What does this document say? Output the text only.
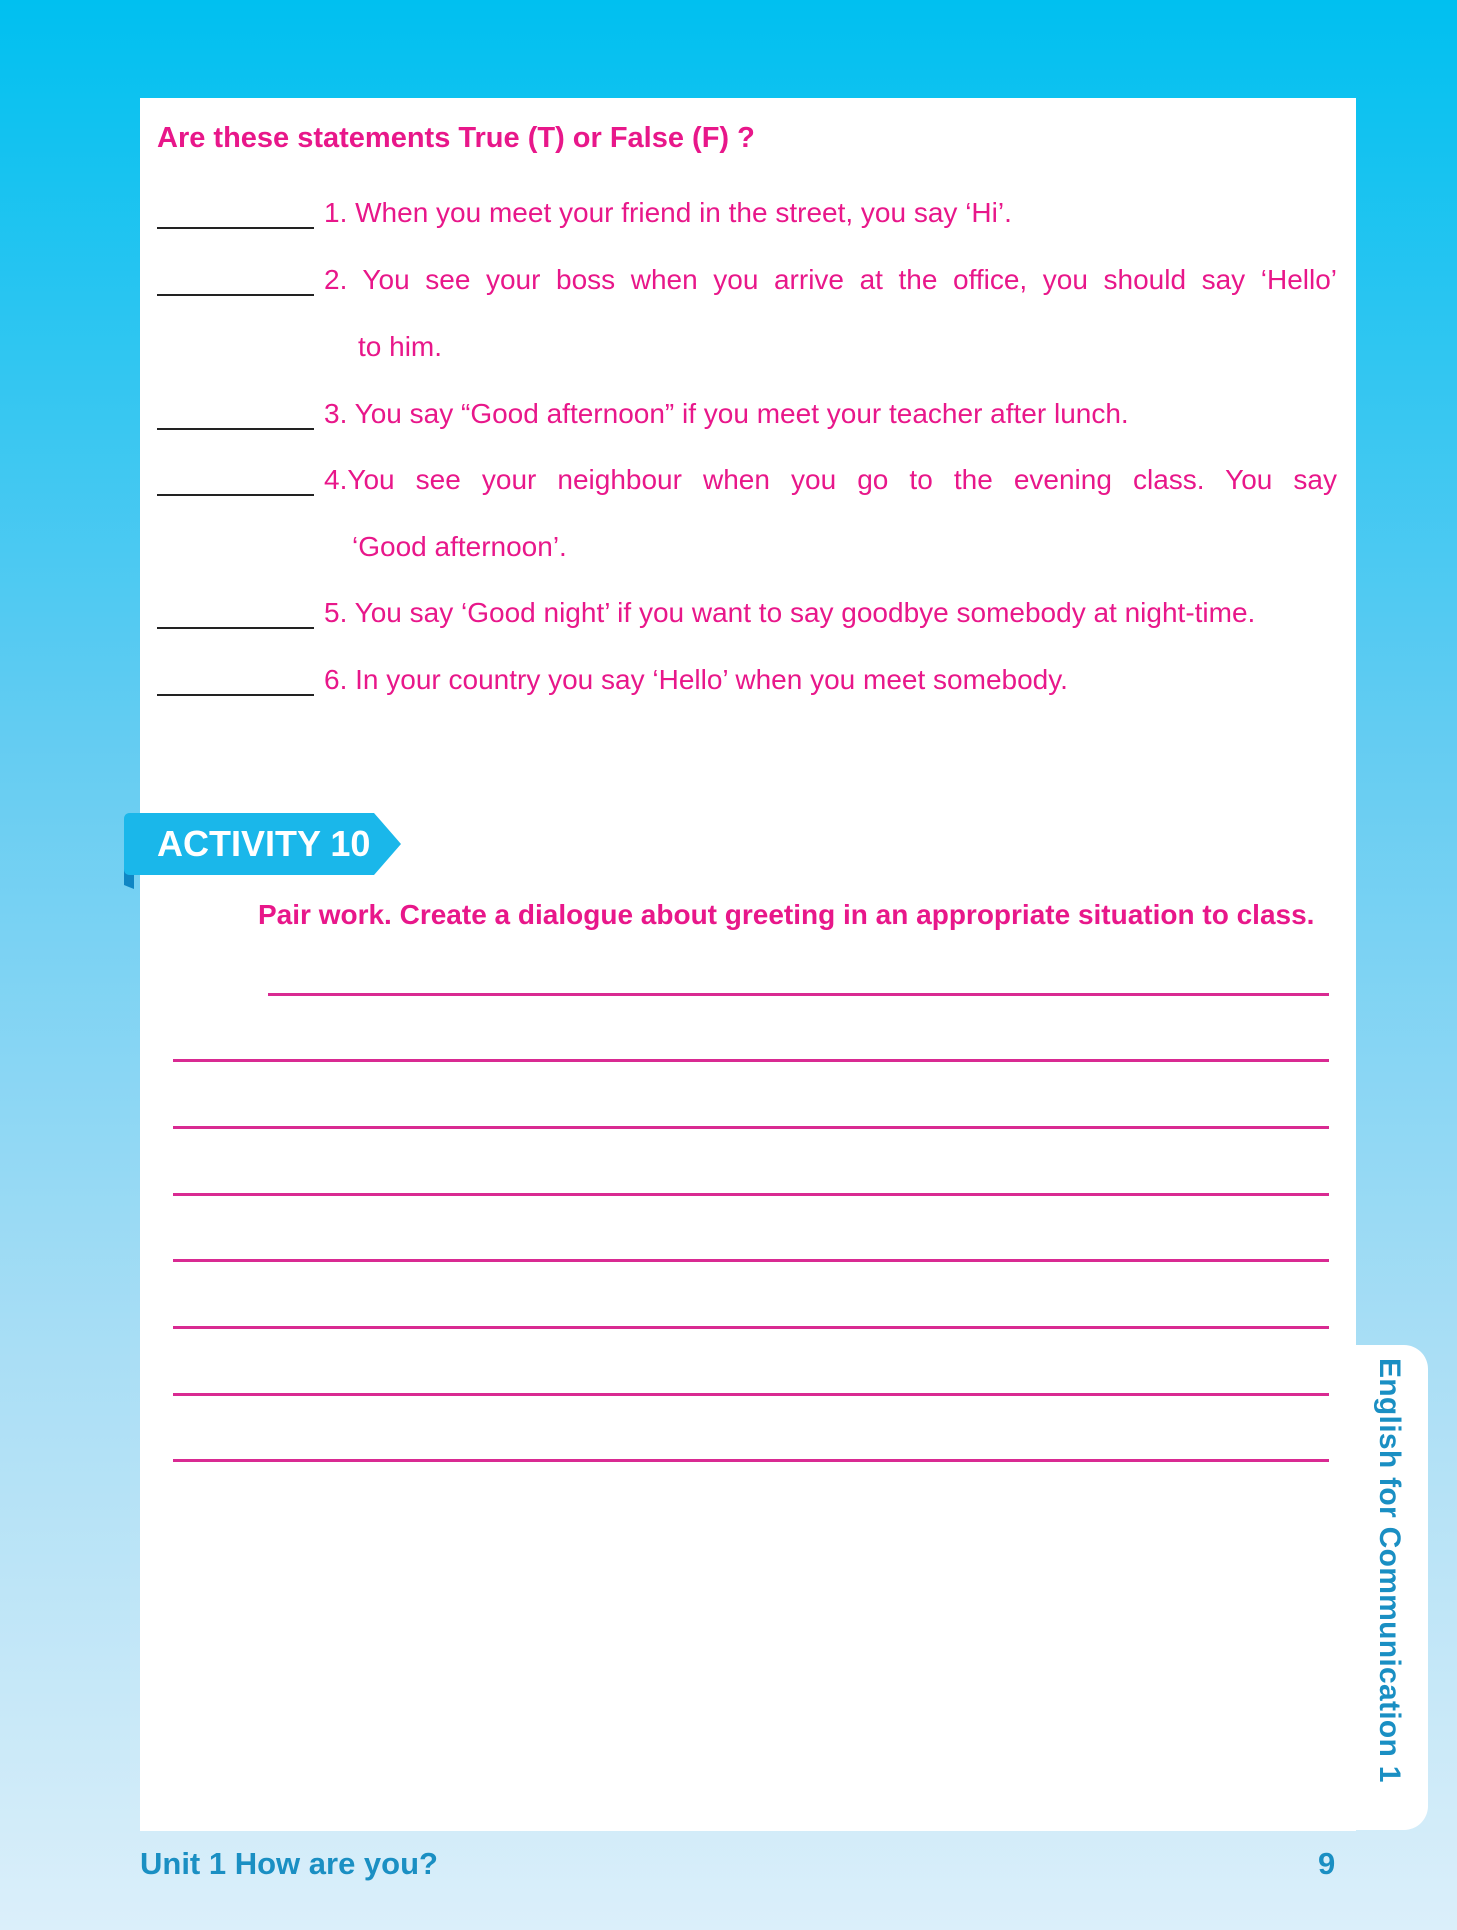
Are these statements True (T) or False (F) ?
1. When you meet your friend in the street, you say ‘Hi’.
2. You see your boss when you arrive at the office, you should say ‘Hello’
to him.
3. You say “Good afternoon” if you meet your teacher after lunch.
4.You see your neighbour when you go to the evening class. You say
‘Good afternoon’.
5. You say ‘Good night’ if you want to say goodbye somebody at night-time.
6. In your country you say ‘Hello’ when you meet somebody.
ACTIVITY 10
Pair work. Create a dialogue about greeting in an appropriate situation to class.
English for Communication 1
Unit 1 How are you?	9
